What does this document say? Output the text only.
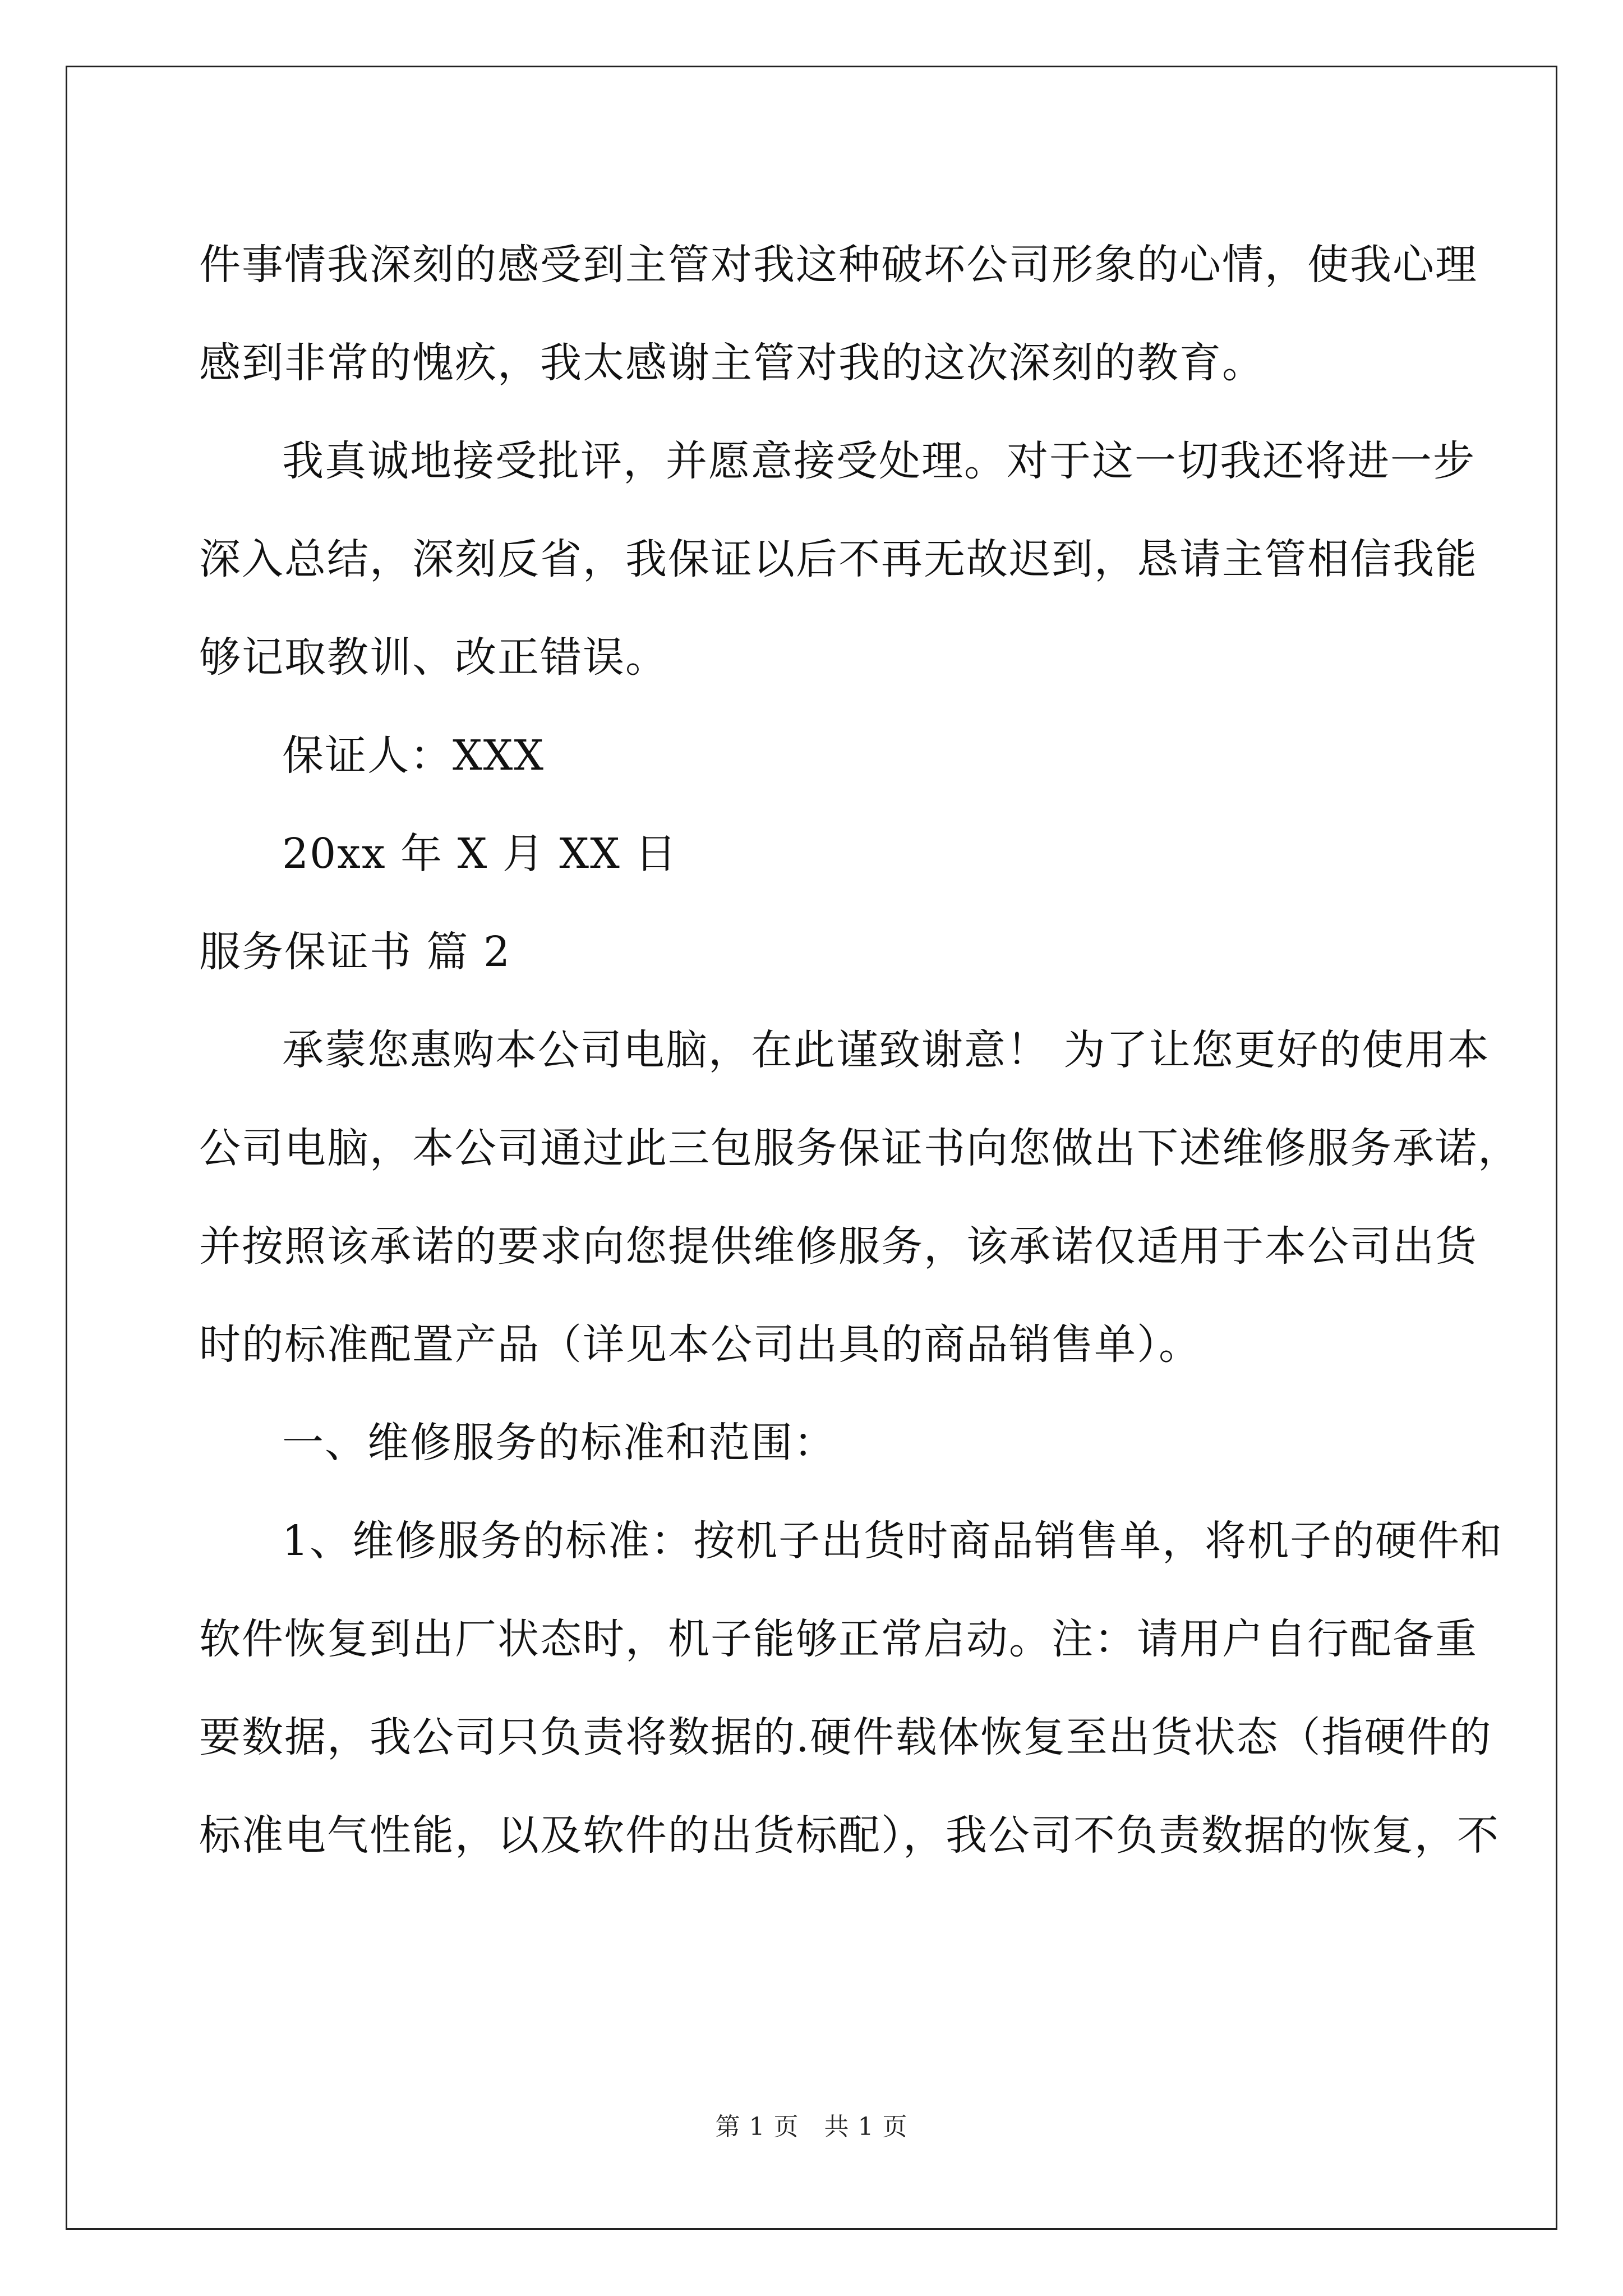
件事情我深刻的感受到主管对我这种破坏公司形象的心情，使我心理

感到非常的愧疚，我太感谢主管对我的这次深刻的教育。

我真诚地接受批评，并愿意接受处理。对于这一切我还将进一步

深入总结，深刻反省，我保证以后不再无故迟到，恳请主管相信我能

够记取教训、改正错误。

保证人：XXX

20xx 年 X 月 XX 日

服务保证书 篇 2

承蒙您惠购本公司电脑，在此谨致谢意！ 为了让您更好的使用本

公司电脑，本公司通过此三包服务保证书向您做出下述维修服务承诺，

并按照该承诺的要求向您提供维修服务，该承诺仅适用于本公司出货

时的标准配置产品（详见本公司出具的商品销售单）。

一、维修服务的标准和范围：

1、维修服务的标准：按机子出货时商品销售单，将机子的硬件和

软件恢复到出厂状态时，机子能够正常启动。注：请用户自行配备重

要数据，我公司只负责将数据的.硬件载体恢复至出货状态（指硬件的

标准电气性能，以及软件的出货标配），我公司不负责数据的恢复，不

第 1 页　共 1 页
